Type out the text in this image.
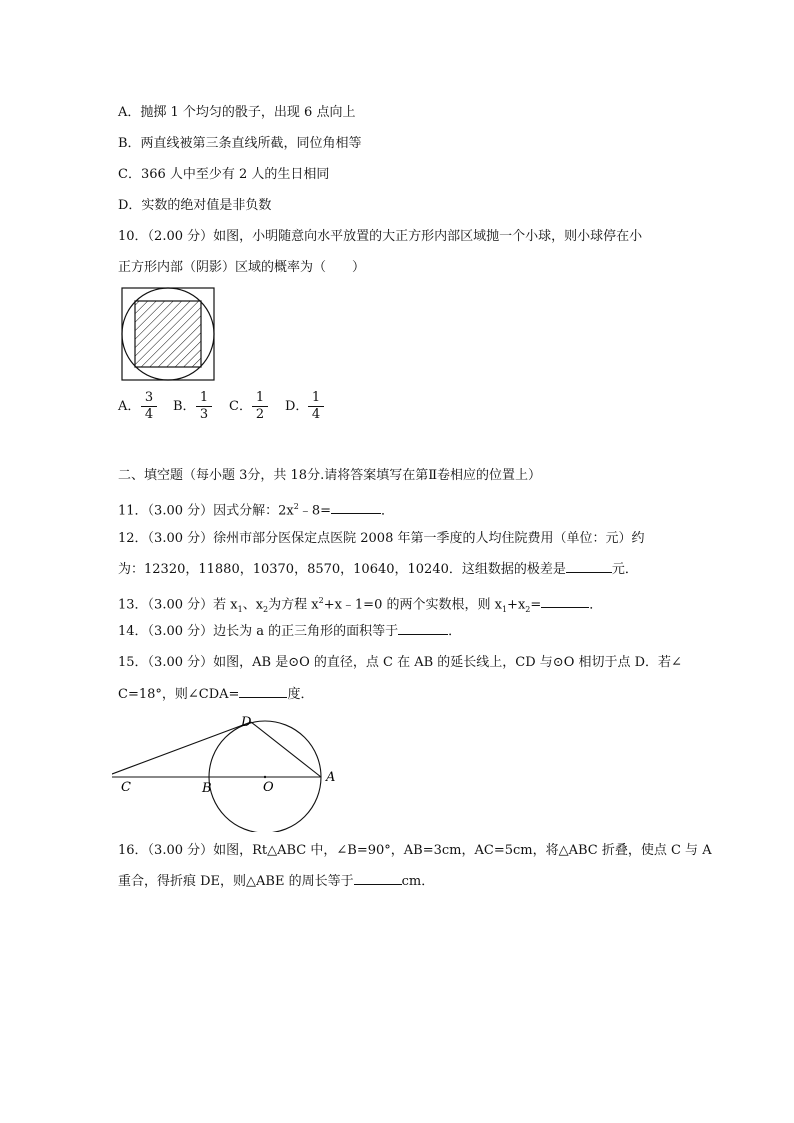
A．抛掷 1 个均匀的骰子，出现 6 点向上
B．两直线被第三条直线所截，同位角相等
C．366 人中至少有 2 人的生日相同
D．实数的绝对值是非负数
10．（2.00 分）如图，小明随意向水平放置的大正方形内部区域抛一个小球，则小球停在小
正方形内部（阴影）区域的概率为（　　）
A． $\frac{3}{4}$ B． $\frac{1}{3}$ C． $\frac{1}{2}$ D． $\frac{1}{4}$
二、填空题（每小题 3分，共 18分.请将答案填写在第Ⅱ卷相应的位置上）
11．（3.00 分）因式分解：$2x^2﹣8=$	．
12．（3.00 分）徐州市部分医保定点医院 2008 年第一季度的人均住院费用（单位：元）约
为：12320，11880，10370，8570，10640，10240．这组数据的极差是	元．
13．（3.00 分）若 $x_1$、$x_2$为方程 $x^2+x﹣1=0$ 的两个实数根，则 $x_1+x_2=$	．
14．（3.00 分）边长为 a 的正三角形的面积等于	．
15．（3.00 分）如图，AB 是⊙O 的直径，点 C 在 AB 的延长线上，CD 与⊙O 相切于点 D．若∠
C=18°，则∠CDA=	度．
D
C	B	O
A
16．（3.00 分）如图，Rt△ABC 中，∠B=90°，AB=3cm，AC=5cm，将△ABC 折叠，使点 C 与 A
重合，得折痕 DE，则△ABE 的周长等于	cm．
